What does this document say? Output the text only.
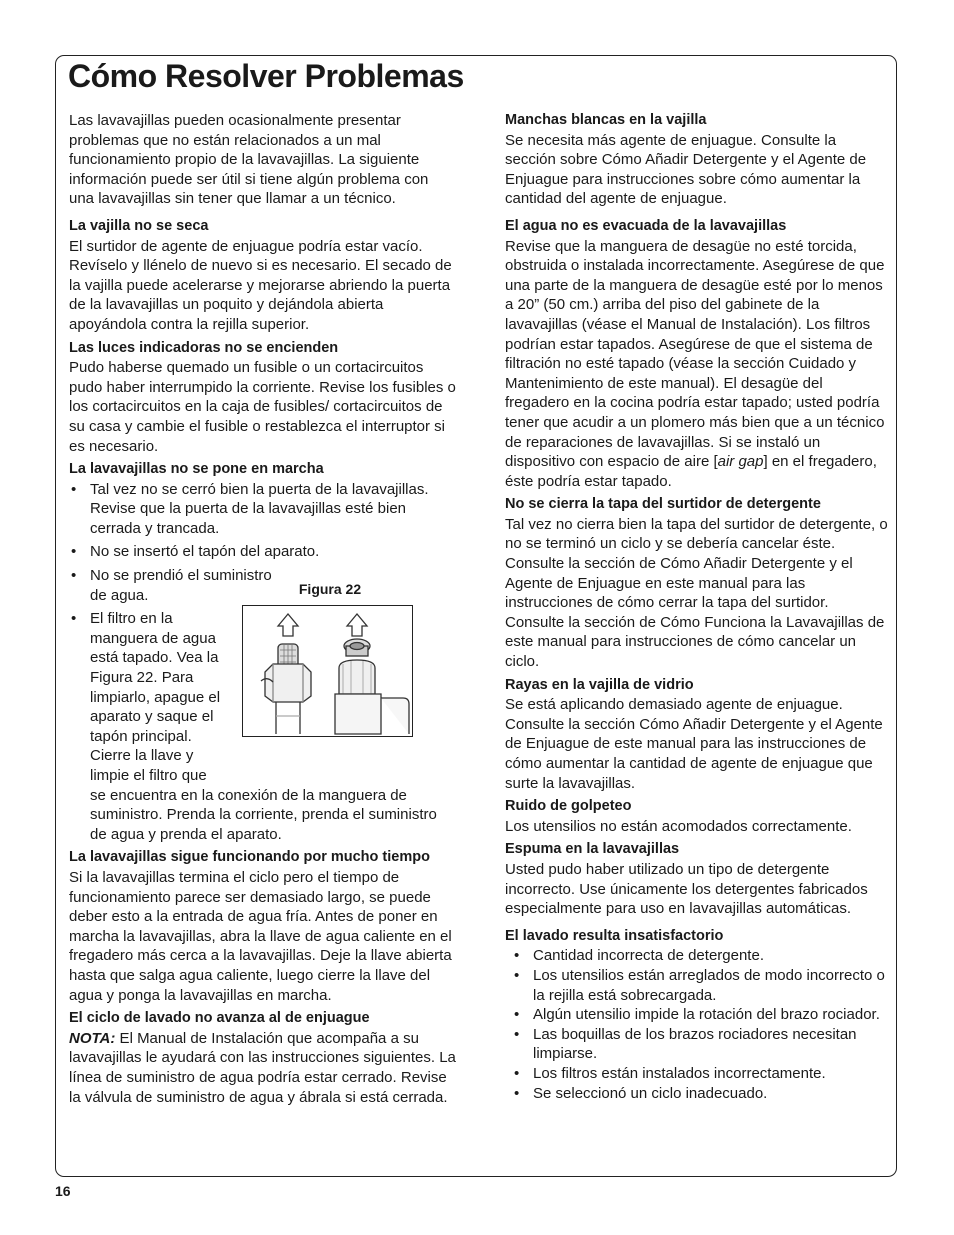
Cómo Resolver Problemas

Las lavavajillas pueden ocasionalmente presentar problemas que no están relacionados a un mal funcionamiento propio de la lavavajillas. La siguiente información puede ser útil si tiene algún problema con una lavavajillas sin tener que llamar a un técnico.

La vajilla no se seca

El surtidor de agente de enjuague podría estar vacío. Revíselo y llénelo de nuevo si es necesario. El secado de la vajilla puede acelerarse y mejorarse abriendo la puerta de la lavavajillas un poquito y dejándola abierta apoyándola contra la rejilla superior.

Las luces indicadoras no se encienden

Pudo haberse quemado un fusible o un cortacircuitos pudo haber interrumpido la corriente. Revise los fusibles o los cortacircuitos en la caja de fusibles/ cortacircuitos de su casa y cambie el fusible o restablezca el interruptor si es necesario.

La lavavajillas no se pone en marcha

• Tal vez no se cerró bien la puerta de la lavavajillas. Revise que la puerta de la lavavajillas esté bien cerrada y trancada.
• No se insertó el tapón del aparato.
• No se prendió el suministro de agua.
• El filtro en la manguera de agua está tapado. Vea la Figura 22. Para limpiarlo, apague el aparato y saque el tapón principal. Cierre la llave y limpie el filtro que
Figura 22
se encuentra en la conexión de la manguera de suministro. Prenda la corriente, prenda el suministro de agua y prenda el aparato.

La lavavajillas sigue funcionando por mucho tiempo

Si la lavavajillas termina el ciclo pero el tiempo de funcionamiento parece ser demasiado largo, se puede deber esto a la entrada de agua fría. Antes de poner en marcha la lavavajillas, abra la llave de agua caliente en el fregadero más cerca a la lavavajillas. Deje la llave abierta hasta que salga agua caliente, luego cierre la llave del agua y ponga la lavavajillas en marcha.

El ciclo de lavado no avanza al de enjuague

NOTA: El Manual de Instalación que acompaña a su lavavajillas le ayudará con las instrucciones siguientes. La línea de suministro de agua podría estar cerrado. Revise la válvula de suministro de agua y ábrala si está cerrada.

Manchas blancas en la vajilla

Se necesita más agente de enjuague. Consulte la sección sobre Cómo Añadir Detergente y el Agente de Enjuague para instrucciones sobre cómo aumentar la cantidad del agente de enjuague.

El agua no es evacuada de la lavavajillas

Revise que la manguera de desagüe no esté torcida, obstruida o instalada incorrectamente. Asegúrese de que una parte de la manguera de desagüe esté por lo menos a 20” (50 cm.) arriba del piso del gabinete de la lavavajillas (véase el Manual de Instalación). Los filtros podrían estar tapados. Asegúrese de que el sistema de filtración no esté tapado (véase la sección Cuidado y Mantenimiento de este manual). El desagüe del fregadero en la cocina podría estar tapado; usted podría tener que acudir a un plomero más bien que a un técnico de reparaciones de lavavajillas. Si se instaló un dispositivo con espacio de aire [air gap] en el fregadero, éste podría estar tapado.

No se cierra la tapa del surtidor de detergente

Tal vez no cierra bien la tapa del surtidor de detergente, o no se terminó un ciclo y se debería cancelar éste. Consulte la sección de Cómo Añadir Detergente y el Agente de Enjuague en este manual para las instrucciones de cómo cerrar la tapa del surtidor. Consulte la sección de Cómo Funciona la Lavavajillas de este manual para instrucciones de cómo cancelar un ciclo.

Rayas en la vajilla de vidrio

Se está aplicando demasiado agente de enjuague. Consulte la sección Cómo Añadir Detergente y el Agente de Enjuague de este manual para las instrucciones de cómo aumentar la cantidad de agente de enjuague que surte la lavavajillas.

Ruido de golpeteo

Los utensilios no están acomodados correctamente.

Espuma en la lavavajillas

Usted pudo haber utilizado un tipo de detergente incorrecto. Use únicamente los detergentes fabricados especialmente para uso en lavavajillas automáticas.

El lavado resulta insatisfactorio

• Cantidad incorrecta de detergente.
• Los utensilios están arreglados de modo incorrecto o la rejilla está sobrecargada.
• Algún utensilio impide la rotación del brazo rociador.
• Las boquillas de los brazos rociadores necesitan limpiarse.
• Los filtros están instalados incorrectamente.
• Se seleccionó un ciclo inadecuado.
16
